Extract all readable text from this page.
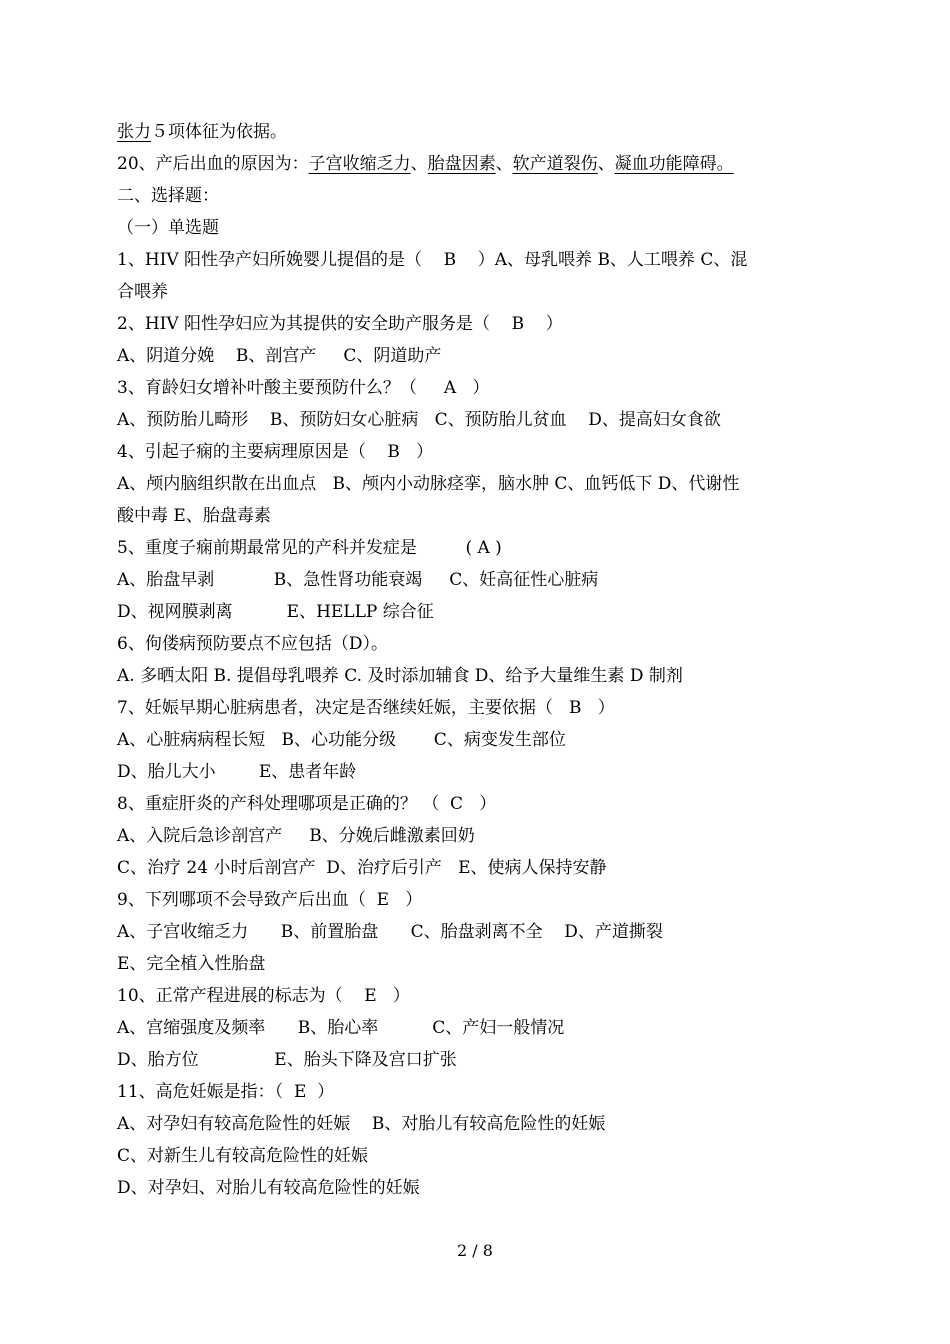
张力５项体征为依据。
20、产后出血的原因为：子宫收缩乏力、胎盘因素、软产道裂伤、凝血功能障碍。
二、选择题：
（一）单选题
1、HIV 阳性孕产妇所娩婴儿提倡的是（    B    ）A、母乳喂养 B、人工喂养 C、混
合喂养
2、HIV 阳性孕妇应为其提供的安全助产服务是（    B    ）
A、阴道分娩    B、剖宫产     C、阴道助产
3、育龄妇女增补叶酸主要预防什么？（     A   ）
A、预防胎儿畸形    B、预防妇女心脏病   C、预防胎儿贫血    D、提高妇女食欲
4、引起子痫的主要病理原因是（    B   ）
A、颅内脑组织散在出血点   B、颅内小动脉痉挛，脑水肿 C、血钙低下 D、代谢性
酸中毒 E、胎盘毒素
5、重度子痫前期最常见的产科并发症是         ( A )
A、胎盘早剥           B、急性肾功能衰竭     C、妊高征性心脏病
D、视网膜剥离          E、HELLP 综合征
6、佝偻病预防要点不应包括（D）。
A. 多晒太阳 B. 提倡母乳喂养 C. 及时添加辅食 D、给予大量维生素 D 制剂
7、妊娠早期心脏病患者，决定是否继续妊娠，主要依据（   B   ）
A、心脏病病程长短   B、心功能分级       C、病变发生部位
D、胎儿大小        E、患者年龄
8、重症肝炎的产科处理哪项是正确的？ （  C   ）
A、入院后急诊剖宫产     B、分娩后雌激素回奶
C、治疗 24 小时后剖宫产  D、治疗后引产   E、使病人保持安静
9、下列哪项不会导致产后出血（  E   ）
A、子宫收缩乏力      B、前置胎盘      C、胎盘剥离不全    D、产道撕裂
E、完全植入性胎盘
10、正常产程进展的标志为（    E   ）
A、宫缩强度及频率      B、胎心率          C、产妇一般情况
D、胎方位              E、胎头下降及宫口扩张
11、高危妊娠是指：（  E  ）
A、对孕妇有较高危险性的妊娠    B、对胎儿有较高危险性的妊娠
C、对新生儿有较高危险性的妊娠
D、对孕妇、对胎儿有较高危险性的妊娠
2 / 8
